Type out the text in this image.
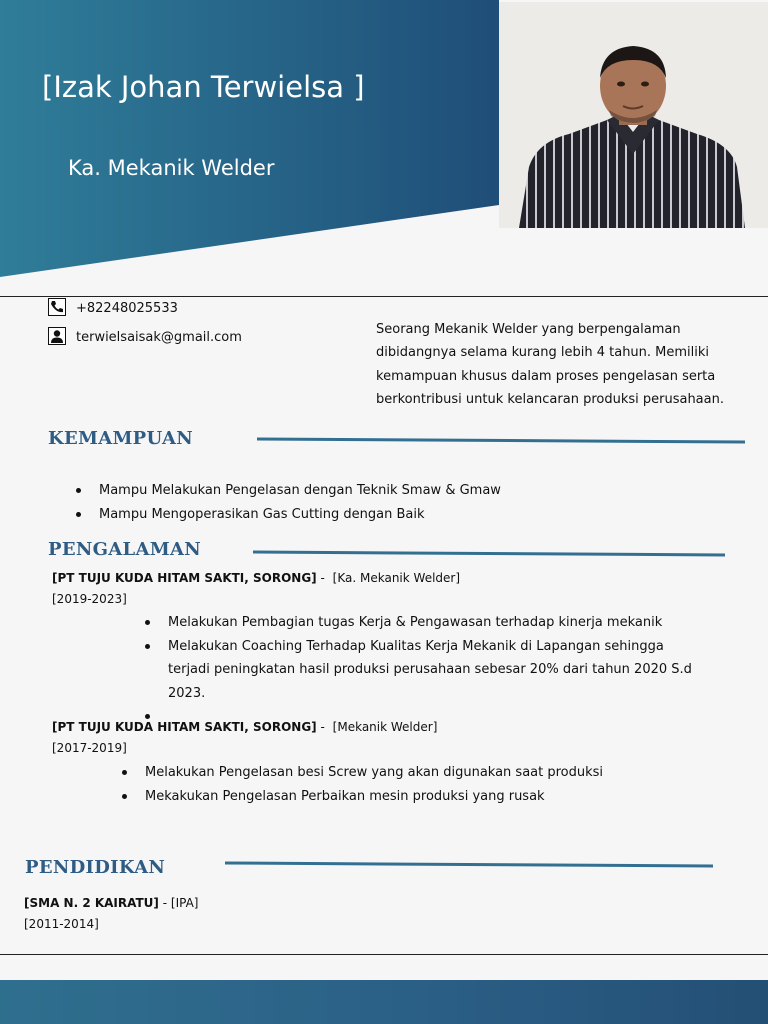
[Izak Johan Terwielsa ]
Ka. Mekanik Welder
+82248025533
terwielsaisak@gmail.com
Seorang Mekanik Welder yang berpengalaman dibidangnya selama kurang lebih 4 tahun. Memiliki kemampuan khusus dalam proses pengelasan serta berkontribusi untuk kelancaran produksi perusahaan.
KEMAMPUAN
Mampu Melakukan Pengelasan dengan Teknik Smaw & Gmaw
Mampu Mengoperasikan Gas Cutting dengan Baik
PENGALAMAN
[PT TUJU KUDA HITAM SAKTI, SORONG] - [Ka. Mekanik Welder]
[2019-2023]
Melakukan Pembagian tugas Kerja & Pengawasan terhadap kinerja mekanik
Melakukan Coaching Terhadap Kualitas Kerja Mekanik di Lapangan sehingga terjadi peningkatan hasil produksi perusahaan sebesar 20% dari tahun 2020 S.d 2023.
[PT TUJU KUDA HITAM SAKTI, SORONG] - [Mekanik Welder]
[2017-2019]
Melakukan Pengelasan besi Screw yang akan digunakan saat produksi
Mekakukan Pengelasan Perbaikan mesin produksi yang rusak
PENDIDIKAN
[SMA N. 2 KAIRATU] - [IPA]
[2011-2014]
